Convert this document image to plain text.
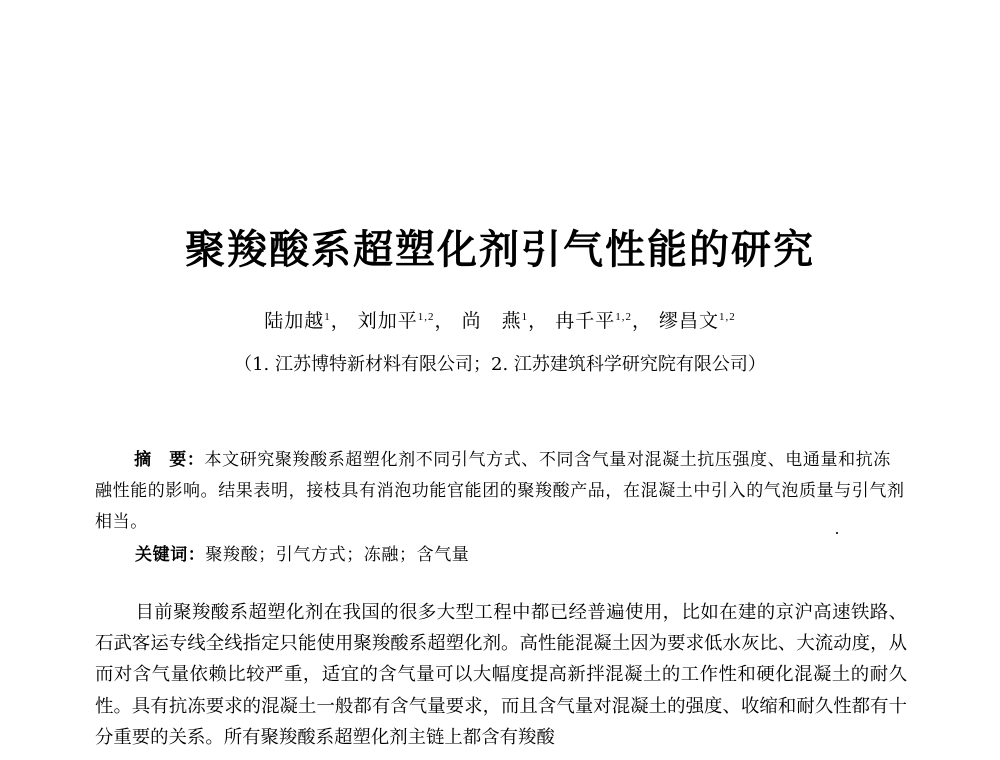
聚羧酸系超塑化剂引气性能的研究
陆加越$^1$， 刘加平$^{1,2}$， 尚　燕$^1$， 冉千平$^{1,2}$， 缪昌文$^{1,2}$
（1. 江苏博特新材料有限公司；2. 江苏建筑科学研究院有限公司）

摘　要：本文研究聚羧酸系超塑化剂不同引气方式、不同含气量对混凝土抗压强度、电通量和抗冻融性能的影响。结果表明，接枝具有消泡功能官能团的聚羧酸产品，在混凝土中引入的气泡质量与引气剂相当。

关键词：聚羧酸；引气方式；冻融；含气量

目前聚羧酸系超塑化剂在我国的很多大型工程中都已经普遍使用，比如在建的京沪高速铁路、石武客运专线全线指定只能使用聚羧酸系超塑化剂。高性能混凝土因为要求低水灰比、大流动度，从而对含气量依赖比较严重，适宜的含气量可以大幅度提高新拌混凝土的工作性和硬化混凝土的耐久性。具有抗冻要求的混凝土一般都有含气量要求，而且含气量对混凝土的强度、收缩和耐久性都有十分重要的关系。所有聚羧酸系超塑化剂主链上都含有羧酸
